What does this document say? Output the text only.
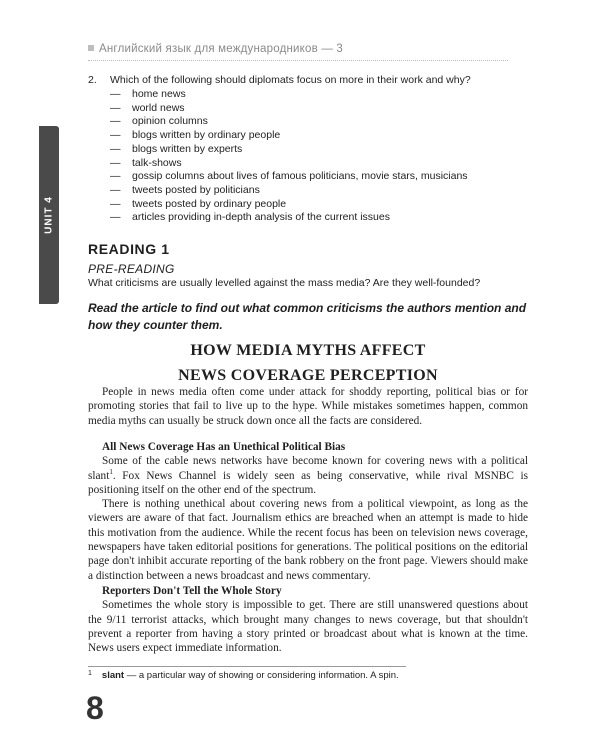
Английский язык для международников — 3
UNIT 4
2.	Which of the following should diplomats focus on more in their work and why?
—	home news
—	world news
—	opinion columns
—	blogs written by ordinary people
—	blogs written by experts
—	talk-shows
—	gossip columns about lives of famous politicians, movie stars, musicians
—	tweets posted by politicians
—	tweets posted by ordinary people
—	articles providing in-depth analysis of the current issues
READING 1
PRE-READING
What criticisms are usually levelled against the mass media? Are they well-founded?
Read the article to find out what common criticisms the authors mention and how they counter them.
HOW MEDIA MYTHS AFFECT
NEWS COVERAGE PERCEPTION

People in news media often come under attack for shoddy reporting, political bias or for promoting stories that fail to live up to the hype. While mistakes sometimes happen, common media myths can usually be struck down once all the facts are considered.

All News Coverage Has an Unethical Political Bias

Some of the cable news networks have become known for covering news with a political slant$^1$. Fox News Channel is widely seen as being conservative, while rival MSNBC is positioning itself on the other end of the spectrum.

There is nothing unethical about covering news from a political viewpoint, as long as the viewers are aware of that fact. Journalism ethics are breached when an attempt is made to hide this motivation from the audience. While the recent focus has been on television news coverage, newspapers have taken editorial positions for generations. The political positions on the editorial page don't inhibit accurate reporting of the bank robbery on the front page. Viewers should make a distinction between a news broadcast and news commentary.

Reporters Don't Tell the Whole Story

Sometimes the whole story is impossible to get. There are still unanswered questions about the 9/11 terrorist attacks, which brought many changes to news coverage, but that shouldn't prevent a reporter from having a story printed or broadcast about what is known at the time. News users expect immediate information.

$^1$ slant — a particular way of showing or considering information. A spin.
8
